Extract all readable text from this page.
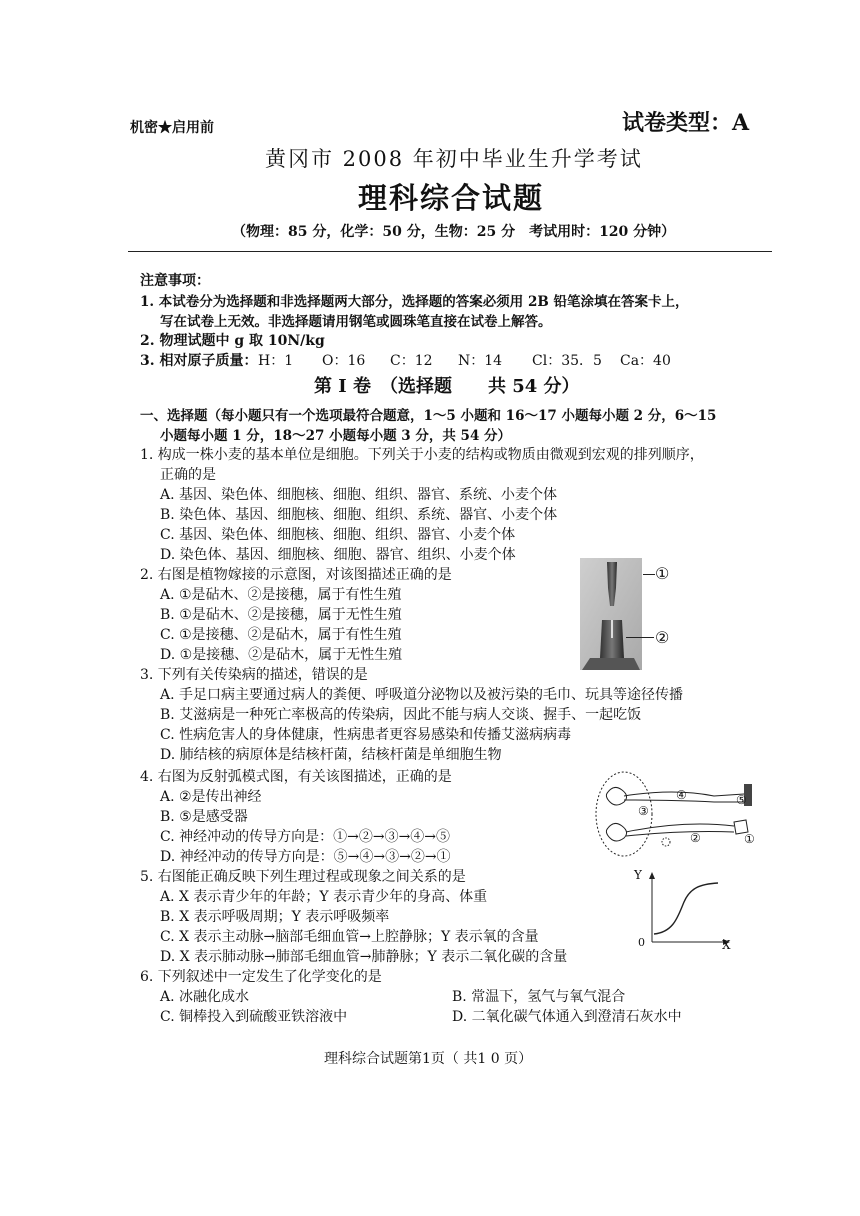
机密★启用前	试卷类型：A
黄冈市 2008 年初中毕业生升学考试
理科综合试题
（物理：85 分，化学：50 分，生物：25 分　考试用时：120 分钟）
注意事项：
1. 本试卷分为选择题和非选择题两大部分，选择题的答案必须用 2B 铅笔涂填在答案卡上，
写在试卷上无效。非选择题请用钢笔或圆珠笔直接在试卷上解答。
2. 物理试题中 g 取 10N/kg
3. 相对原子质量： H：1 O：16 C：12 N：14 Cl：35．5 Ca：40
第 I 卷　（选择题　　共 54 分）
一、选择题（每小题只有一个选项最符合题意，1～5 小题和 16～17 小题每小题 2 分，6～15
小题每小题 1 分，18～27 小题每小题 3 分，共 54 分）
1. 构成一株小麦的基本单位是细胞。下列关于小麦的结构或物质由微观到宏观的排列顺序，
正确的是
A. 基因、染色体、细胞核、细胞、组织、器官、系统、小麦个体
B. 染色体、基因、细胞核、细胞、组织、系统、器官、小麦个体
C. 基因、染色体、细胞核、细胞、组织、器官、小麦个体
D. 染色体、基因、细胞核、细胞、器官、组织、小麦个体
2. 右图是植物嫁接的示意图，对该图描述正确的是
A. ①是砧木、②是接穗，属于有性生殖
B. ①是砧木、②是接穗，属于无性生殖
C. ①是接穗、②是砧木，属于有性生殖
D. ①是接穗、②是砧木，属于无性生殖
①
②
3. 下列有关传染病的描述，错误的是
A. 手足口病主要通过病人的粪便、呼吸道分泌物以及被污染的毛巾、玩具等途径传播
B. 艾滋病是一种死亡率极高的传染病，因此不能与病人交谈、握手、一起吃饭
C. 性病危害人的身体健康，性病患者更容易感染和传播艾滋病病毒
D. 肺结核的病原体是结核杆菌，结核杆菌是单细胞生物
4. 右图为反射弧模式图，有关该图描述，正确的是
A. ②是传出神经
B. ⑤是感受器
C. 神经冲动的传导方向是：①→②→③→④→⑤
D. 神经冲动的传导方向是：⑤→④→③→②→①
④	⑤
③
②	①
5. 右图能正确反映下列生理过程或现象之间关系的是
A. X 表示青少年的年龄；Y 表示青少年的身高、体重
B. X 表示呼吸周期；Y 表示呼吸频率
C. X 表示主动脉→脑部毛细血管→上腔静脉；Y 表示氧的含量
D. X 表示肺动脉→肺部毛细血管→肺静脉；Y 表示二氧化碳的含量
Y
X
0
6. 下列叙述中一定发生了化学变化的是
A. 冰融化成水	B. 常温下，氢气与氧气混合
C. 铜棒投入到硫酸亚铁溶液中	D. 二氧化碳气体通入到澄清石灰水中
理科综合试题第1页（ 共1 0 页）
